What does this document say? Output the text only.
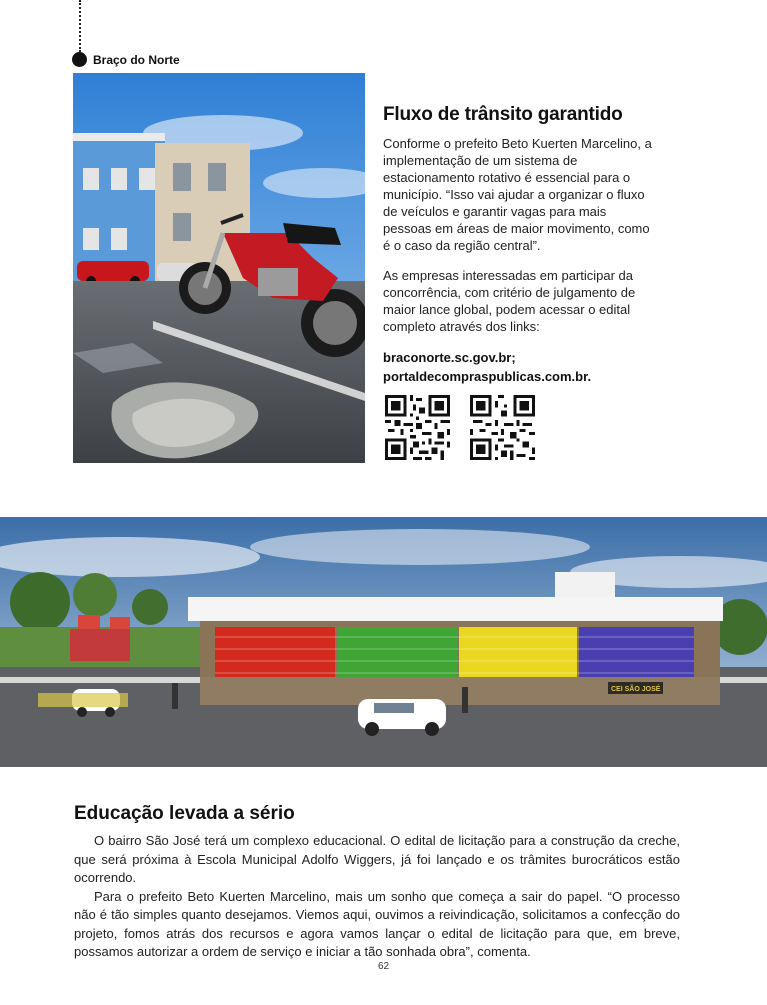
Braço do Norte
Fluxo de trânsito garantido

Conforme o prefeito Beto Kuerten Marcelino, a implementação de um sistema de estacionamento rotativo é essencial para o município. “Isso vai ajudar a organizar o fluxo de veículos e garantir vagas para mais pessoas em áreas de maior movimento, como é o caso da região central”.

As empresas interessadas em participar da concorrência, com critério de julgamento de maior lance global, podem acessar o edital completo através dos links:

braconorte.sc.gov.br;

portaldecompraspublicas.com.br.

CEI SÃO JOSÉ
Educação levada a sério

O bairro São José terá um complexo educacional. O edital de licitação para a construção da creche, que será próxima à Escola Municipal Adolfo Wiggers, já foi lançado e os trâmites burocráticos estão ocorrendo.

Para o prefeito Beto Kuerten Marcelino, mais um sonho que começa a sair do papel. “O processo não é tão simples quanto desejamos. Viemos aqui, ouvimos a reivindicação, solicitamos a confecção do projeto, fomos atrás dos recursos e agora vamos lançar o edital de licitação para que, em breve, possamos autorizar a ordem de serviço e iniciar a tão sonhada obra”, comenta.

62
